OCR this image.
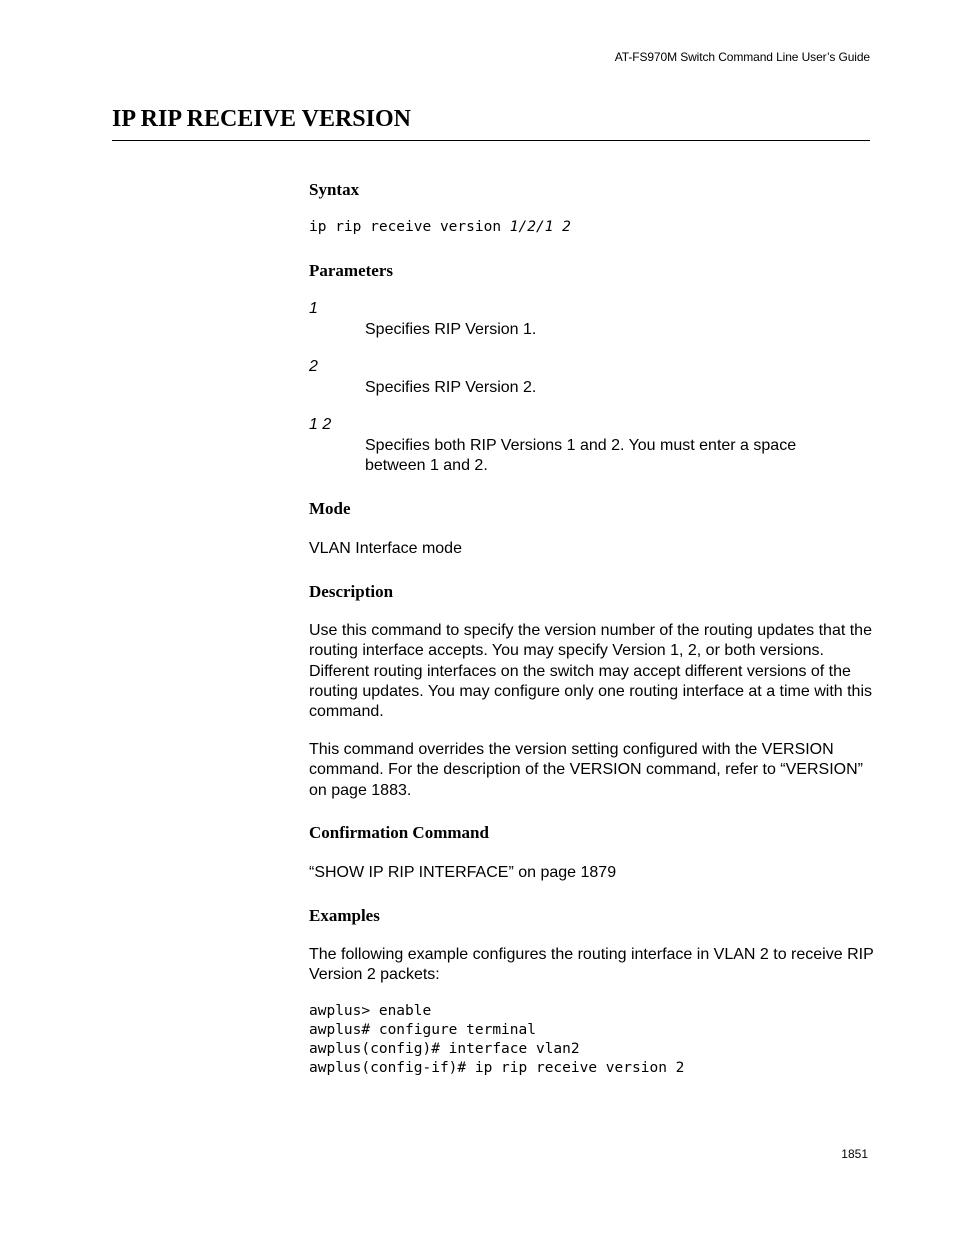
AT-FS970M Switch Command Line User’s Guide
IP RIP RECEIVE VERSION
Syntax
ip rip receive version 1/2/1 2
Parameters
1

Specifies RIP Version 1.

2

Specifies RIP Version 2.

1 2

Specifies both RIP Versions 1 and 2. You must enter a space between 1 and 2.

Mode

VLAN Interface mode

Description

Use this command to specify the version number of the routing updates that the routing interface accepts. You may specify Version 1, 2, or both versions. Different routing interfaces on the switch may accept different versions of the routing updates. You may configure only one routing interface at a time with this command.

This command overrides the version setting configured with the VERSION command. For the description of the VERSION command, refer to “VERSION” on page 1883.

Confirmation Command

“SHOW IP RIP INTERFACE” on page 1879

Examples

The following example configures the routing interface in VLAN 2 to receive RIP Version 2 packets:

awplus> enable
awplus# configure terminal
awplus(config)# interface vlan2
awplus(config-if)# ip rip receive version 2
1851
